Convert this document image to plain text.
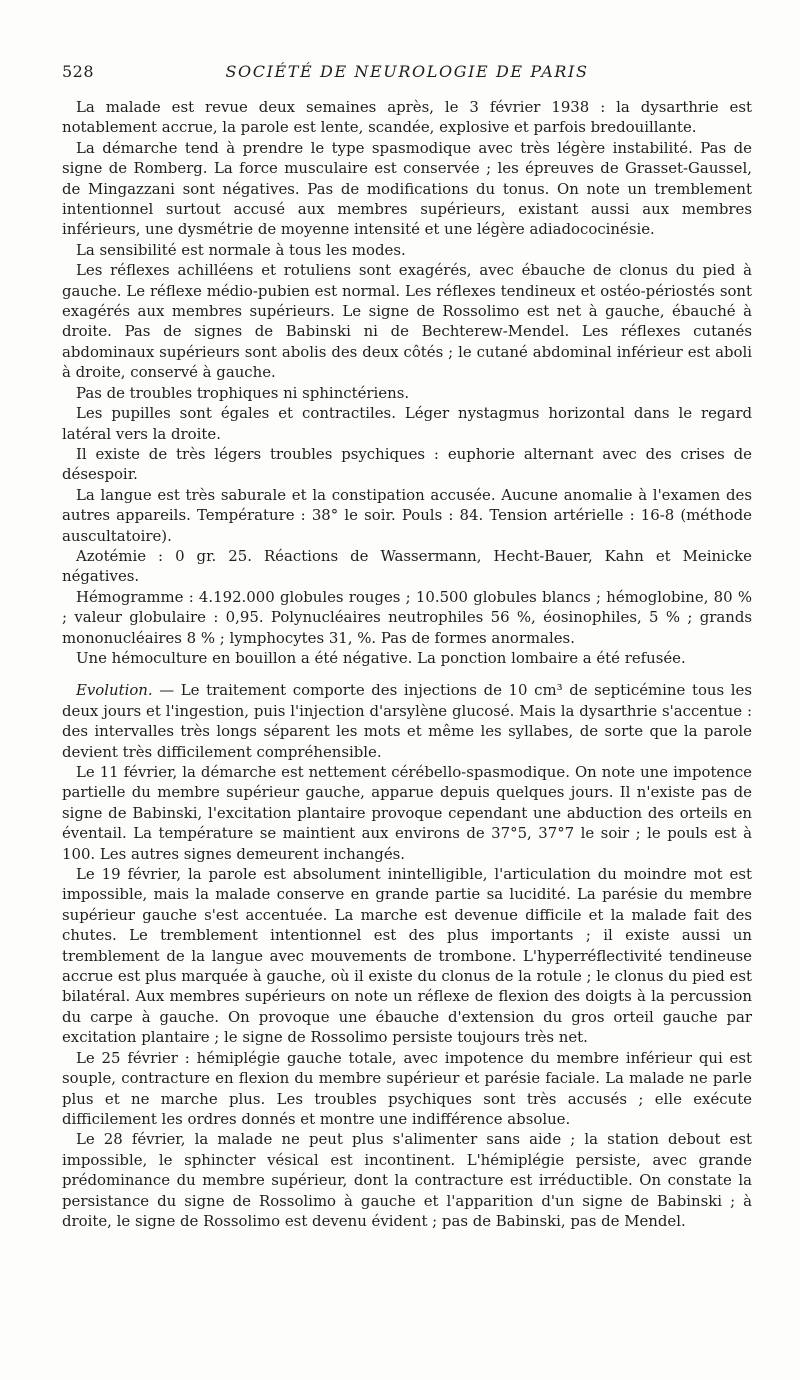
528	SOCIÉTÉ DE NEUROLOGIE DE PARIS

La malade est revue deux semaines après, le 3 février 1938 : la dysarthrie est notablement accrue, la parole est lente, scandée, explosive et parfois bredouillante.

La démarche tend à prendre le type spasmodique avec très légère instabilité. Pas de signe de Romberg. La force musculaire est conservée ; les épreuves de Grasset-Gaussel, de Mingazzani sont négatives. Pas de modifications du tonus. On note un tremblement intentionnel surtout accusé aux membres supérieurs, existant aussi aux membres inférieurs, une dysmétrie de moyenne intensité et une légère adiadococinésie.

La sensibilité est normale à tous les modes.

Les réflexes achilléens et rotuliens sont exagérés, avec ébauche de clonus du pied à gauche. Le réflexe médio-pubien est normal. Les réflexes tendineux et ostéo-périostés sont exagérés aux membres supérieurs. Le signe de Rossolimo est net à gauche, ébauché à droite. Pas de signes de Babinski ni de Bechterew-Mendel. Les réflexes cutanés abdominaux supérieurs sont abolis des deux côtés ; le cutané abdominal inférieur est aboli à droite, conservé à gauche.

Pas de troubles trophiques ni sphinctériens.

Les pupilles sont égales et contractiles. Léger nystagmus horizontal dans le regard latéral vers la droite.

Il existe de très légers troubles psychiques : euphorie alternant avec des crises de désespoir.

La langue est très saburale et la constipation accusée. Aucune anomalie à l'examen des autres appareils. Température : 38° le soir. Pouls : 84. Tension artérielle : 16-8 (méthode auscultatoire).

Azotémie : 0 gr. 25. Réactions de Wassermann, Hecht-Bauer, Kahn et Meinicke négatives.

Hémogramme : 4.192.000 globules rouges ; 10.500 globules blancs ; hémoglobine, 80 % ; valeur globulaire : 0,95. Polynucléaires neutrophiles 56 %, éosinophiles, 5 % ; grands mononucléaires 8 % ; lymphocytes 31, %. Pas de formes anormales.

Une hémoculture en bouillon a été négative. La ponction lombaire a été refusée.

Evolution. — Le traitement comporte des injections de 10 cm³ de septicémine tous les deux jours et l'ingestion, puis l'injection d'arsylène glucosé. Mais la dysarthrie s'accentue : des intervalles très longs séparent les mots et même les syllabes, de sorte que la parole devient très difficilement compréhensible.

Le 11 février, la démarche est nettement cérébello-spasmodique. On note une impotence partielle du membre supérieur gauche, apparue depuis quelques jours. Il n'existe pas de signe de Babinski, l'excitation plantaire provoque cependant une abduction des orteils en éventail. La température se maintient aux environs de 37°5, 37°7 le soir ; le pouls est à 100. Les autres signes demeurent inchangés.

Le 19 février, la parole est absolument inintelligible, l'articulation du moindre mot est impossible, mais la malade conserve en grande partie sa lucidité. La parésie du membre supérieur gauche s'est accentuée. La marche est devenue difficile et la malade fait des chutes. Le tremblement intentionnel est des plus importants ; il existe aussi un tremblement de la langue avec mouvements de trombone. L'hyperréflectivité tendineuse accrue est plus marquée à gauche, où il existe du clonus de la rotule ; le clonus du pied est bilatéral. Aux membres supérieurs on note un réflexe de flexion des doigts à la percussion du carpe à gauche. On provoque une ébauche d'extension du gros orteil gauche par excitation plantaire ; le signe de Rossolimo persiste toujours très net.

Le 25 février : hémiplégie gauche totale, avec impotence du membre inférieur qui est souple, contracture en flexion du membre supérieur et parésie faciale. La malade ne parle plus et ne marche plus. Les troubles psychiques sont très accusés ; elle exécute difficilement les ordres donnés et montre une indifférence absolue.

Le 28 février, la malade ne peut plus s'alimenter sans aide ; la station debout est impossible, le sphincter vésical est incontinent. L'hémiplégie persiste, avec grande prédominance du membre supérieur, dont la contracture est irréductible. On constate la persistance du signe de Rossolimo à gauche et l'apparition d'un signe de Babinski ; à droite, le signe de Rossolimo est devenu évident ; pas de Babinski, pas de Mendel.
